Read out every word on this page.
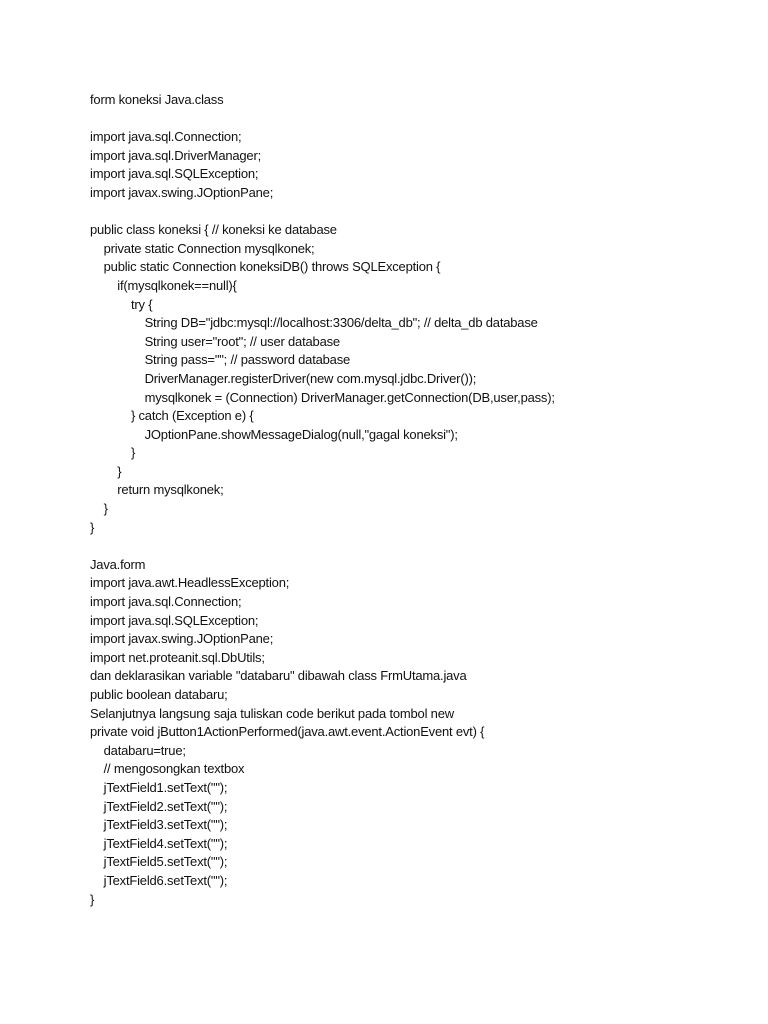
form koneksi Java.class
import java.sql.Connection;
import java.sql.DriverManager;
import java.sql.SQLException;
import javax.swing.JOptionPane;
public class koneksi { // koneksi ke database
private static Connection mysqlkonek;
public static Connection koneksiDB() throws SQLException {
if(mysqlkonek==null){
try {
String DB="jdbc:mysql://localhost:3306/delta_db"; // delta_db database
String user="root"; // user database
String pass=""; // password database
DriverManager.registerDriver(new com.mysql.jdbc.Driver());
mysqlkonek = (Connection) DriverManager.getConnection(DB,user,pass);
} catch (Exception e) {
JOptionPane.showMessageDialog(null,"gagal koneksi");
}
}
return mysqlkonek;
}
}
Java.form
import java.awt.HeadlessException;
import java.sql.Connection;
import java.sql.SQLException;
import javax.swing.JOptionPane;
import net.proteanit.sql.DbUtils;
dan deklarasikan variable "databaru" dibawah class FrmUtama.java
public boolean databaru;
Selanjutnya langsung saja tuliskan code berikut pada tombol new
private void jButton1ActionPerformed(java.awt.event.ActionEvent evt) {
databaru=true;
// mengosongkan textbox
jTextField1.setText("");
jTextField2.setText("");
jTextField3.setText("");
jTextField4.setText("");
jTextField5.setText("");
jTextField6.setText("");
}
